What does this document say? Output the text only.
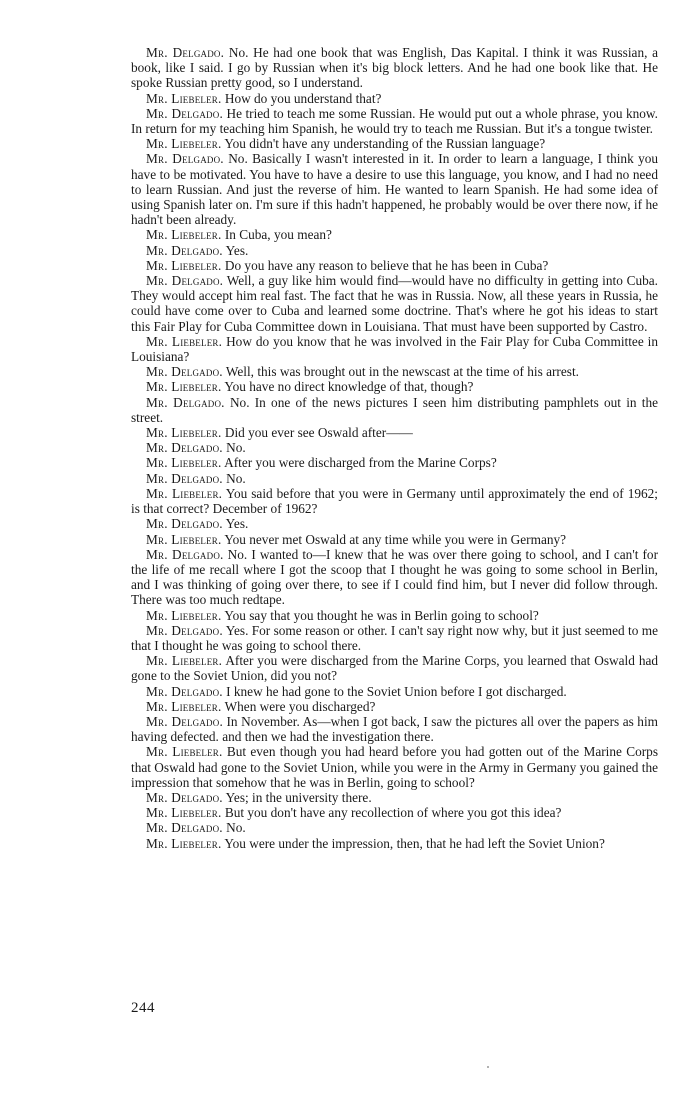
Mr. Delgado. No. He had one book that was English, Das Kapital. I think it was Russian, a book, like I said. I go by Russian when it's big block letters. And he had one book like that. He spoke Russian pretty good, so I understand.

Mr. Liebeler. How do you understand that?

Mr. Delgado. He tried to teach me some Russian. He would put out a whole phrase, you know. In return for my teaching him Spanish, he would try to teach me Russian. But it's a tongue twister.

Mr. Liebeler. You didn't have any understanding of the Russian language?

Mr. Delgado. No. Basically I wasn't interested in it. In order to learn a language, I think you have to be motivated. You have to have a desire to use this language, you know, and I had no need to learn Russian. And just the reverse of him. He wanted to learn Spanish. He had some idea of using Spanish later on. I'm sure if this hadn't happened, he probably would be over there now, if he hadn't been already.

Mr. Liebeler. In Cuba, you mean?

Mr. Delgado. Yes.

Mr. Liebeler. Do you have any reason to believe that he has been in Cuba?

Mr. Delgado. Well, a guy like him would find—would have no difficulty in getting into Cuba. They would accept him real fast. The fact that he was in Russia. Now, all these years in Russia, he could have come over to Cuba and learned some doctrine. That's where he got his ideas to start this Fair Play for Cuba Committee down in Louisiana. That must have been supported by Castro.

Mr. Liebeler. How do you know that he was involved in the Fair Play for Cuba Committee in Louisiana?

Mr. Delgado. Well, this was brought out in the newscast at the time of his arrest.

Mr. Liebeler. You have no direct knowledge of that, though?

Mr. Delgado. No. In one of the news pictures I seen him distributing pamphlets out in the street.

Mr. Liebeler. Did you ever see Oswald after——

Mr. Delgado. No.

Mr. Liebeler. After you were discharged from the Marine Corps?

Mr. Delgado. No.

Mr. Liebeler. You said before that you were in Germany until approximately the end of 1962; is that correct? December of 1962?

Mr. Delgado. Yes.

Mr. Liebeler. You never met Oswald at any time while you were in Germany?

Mr. Delgado. No. I wanted to—I knew that he was over there going to school, and I can't for the life of me recall where I got the scoop that I thought he was going to some school in Berlin, and I was thinking of going over there, to see if I could find him, but I never did follow through. There was too much redtape.

Mr. Liebeler. You say that you thought he was in Berlin going to school?

Mr. Delgado. Yes. For some reason or other. I can't say right now why, but it just seemed to me that I thought he was going to school there.

Mr. Liebeler. After you were discharged from the Marine Corps, you learned that Oswald had gone to the Soviet Union, did you not?

Mr. Delgado. I knew he had gone to the Soviet Union before I got discharged.

Mr. Liebeler. When were you discharged?

Mr. Delgado. In November. As—when I got back, I saw the pictures all over the papers as him having defected. and then we had the investigation there.

Mr. Liebeler. But even though you had heard before you had gotten out of the Marine Corps that Oswald had gone to the Soviet Union, while you were in the Army in Germany you gained the impression that somehow that he was in Berlin, going to school?

Mr. Delgado. Yes; in the university there.

Mr. Liebeler. But you don't have any recollection of where you got this idea?

Mr. Delgado. No.

Mr. Liebeler. You were under the impression, then, that he had left the Soviet Union?

244
